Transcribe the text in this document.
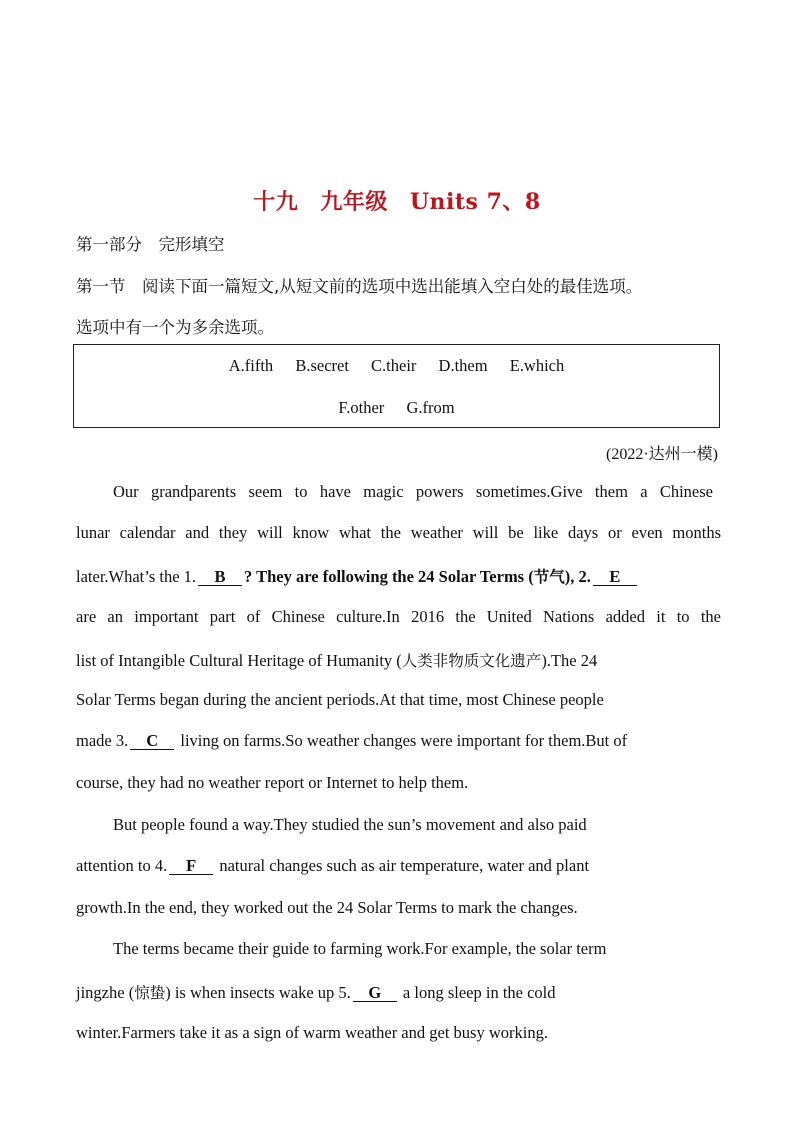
十九 九年级 Units 7、8
第一部分　完形填空
第一节　阅读下面一篇短文,从短文前的选项中选出能填入空白处的最佳选项。
选项中有一个为多余选项。
A.fifth B.secret C.their D.them E.which
F.other G.from
(2022·达州一模)
Our grandparents seem to have magic powers sometimes.Give them a Chinese
lunar calendar and they will know what the weather will be like days or even months
later.What’s the 1. B ? They are following the 24 Solar Terms (节气), 2. E
are an important part of Chinese culture.In 2016 the United Nations added it to the
list of Intangible Cultural Heritage of Humanity (人类非物质文化遗产).The 24
Solar Terms began during the ancient periods.At that time, most Chinese people
made 3. C living on farms.So weather changes were important for them.But of
course, they had no weather report or Internet to help them.
But people found a way.They studied the sun’s movement and also paid
attention to 4. F natural changes such as air temperature, water and plant
growth.In the end, they worked out the 24 Solar Terms to mark the changes.
The terms became their guide to farming work.For example, the solar term
jingzhe (惊蛰) is when insects wake up 5. G a long sleep in the cold
winter.Farmers take it as a sign of warm weather and get busy working.
